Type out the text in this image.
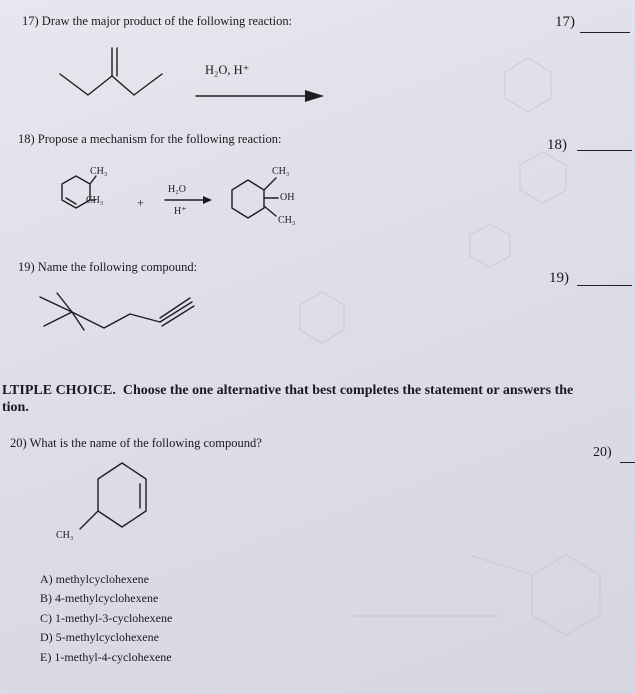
17) Draw the major product of the following reaction:	17)
H₂O, H⁺
18) Propose a mechanism for the following reaction:	18)
CH₃
CH₃	+
H₂O
H⁺
CH₃
OH
CH₃
19) Name the following compound:
19)
LTIPLE CHOICE. Choose the one alternative that best completes the statement or answers the
tion.
20) What is the name of the following compound?
20)
CH₃
A) methylcyclohexene
B) 4-methylcyclohexene
C) 1-methyl-3-cyclohexene
D) 5-methylcyclohexene
E) 1-methyl-4-cyclohexene
